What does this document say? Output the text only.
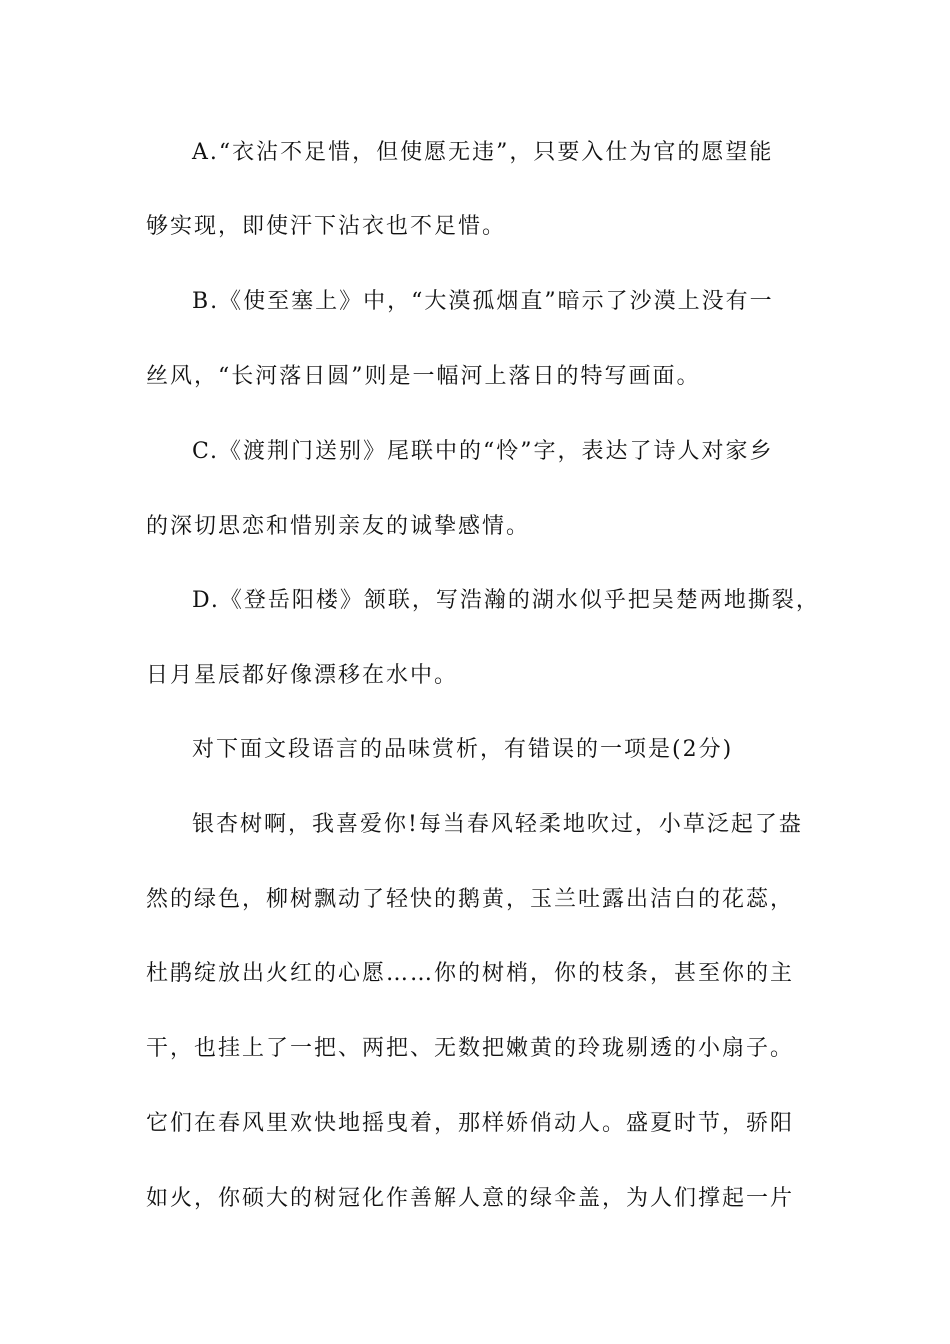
A.“衣沾不足惜，但使愿无违”，只要入仕为官的愿望能
够实现，即使汗下沾衣也不足惜。
B.《使至塞上》中，“大漠孤烟直”暗示了沙漠上没有一
丝风，“长河落日圆”则是一幅河上落日的特写画面。
C.《渡荆门送别》尾联中的“怜”字，表达了诗人对家乡
的深切思恋和惜别亲友的诚挚感情。
D.《登岳阳楼》颔联，写浩瀚的湖水似乎把吴楚两地撕裂，
日月星辰都好像漂移在水中。
对下面文段语言的品味赏析，有错误的一项是(2分)
银杏树啊，我喜爱你!每当春风轻柔地吹过，小草泛起了盎
然的绿色，柳树飘动了轻快的鹅黄，玉兰吐露出洁白的花蕊，
杜鹃绽放出火红的心愿……你的树梢，你的枝条，甚至你的主
干，也挂上了一把、两把、无数把嫩黄的玲珑剔透的小扇子。
它们在春风里欢快地摇曳着，那样娇俏动人。盛夏时节，骄阳
如火，你硕大的树冠化作善解人意的绿伞盖，为人们撑起一片
